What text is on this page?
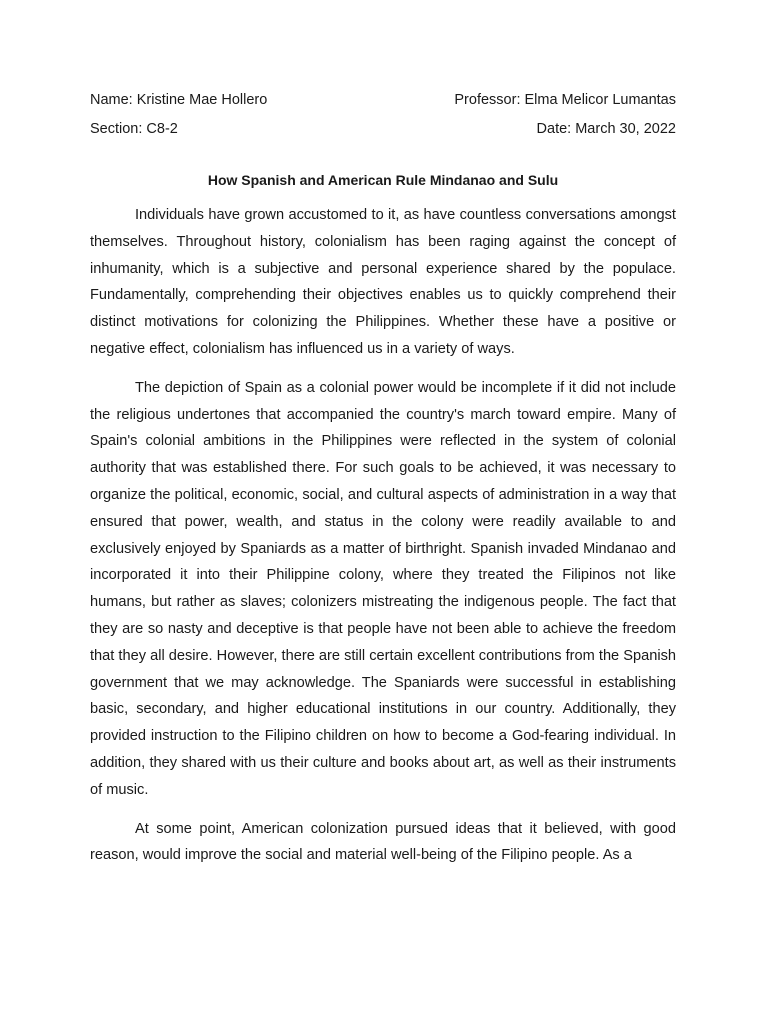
Name: Kristine Mae Hollero	Professor: Elma Melicor Lumantas
Section: C8-2	Date: March 30, 2022
How Spanish and American Rule Mindanao and Sulu

Individuals have grown accustomed to it, as have countless conversations amongst themselves. Throughout history, colonialism has been raging against the concept of inhumanity, which is a subjective and personal experience shared by the populace. Fundamentally, comprehending their objectives enables us to quickly comprehend their distinct motivations for colonizing the Philippines. Whether these have a positive or negative effect, colonialism has influenced us in a variety of ways.

The depiction of Spain as a colonial power would be incomplete if it did not include the religious undertones that accompanied the country's march toward empire. Many of Spain's colonial ambitions in the Philippines were reflected in the system of colonial authority that was established there. For such goals to be achieved, it was necessary to organize the political, economic, social, and cultural aspects of administration in a way that ensured that power, wealth, and status in the colony were readily available to and exclusively enjoyed by Spaniards as a matter of birthright. Spanish invaded Mindanao and incorporated it into their Philippine colony, where they treated the Filipinos not like humans, but rather as slaves; colonizers mistreating the indigenous people. The fact that they are so nasty and deceptive is that people have not been able to achieve the freedom that they all desire. However, there are still certain excellent contributions from the Spanish government that we may acknowledge. The Spaniards were successful in establishing basic, secondary, and higher educational institutions in our country. Additionally, they provided instruction to the Filipino children on how to become a God-fearing individual. In addition, they shared with us their culture and books about art, as well as their instruments of music.

At some point, American colonization pursued ideas that it believed, with good reason, would improve the social and material well-being of the Filipino people. As a
